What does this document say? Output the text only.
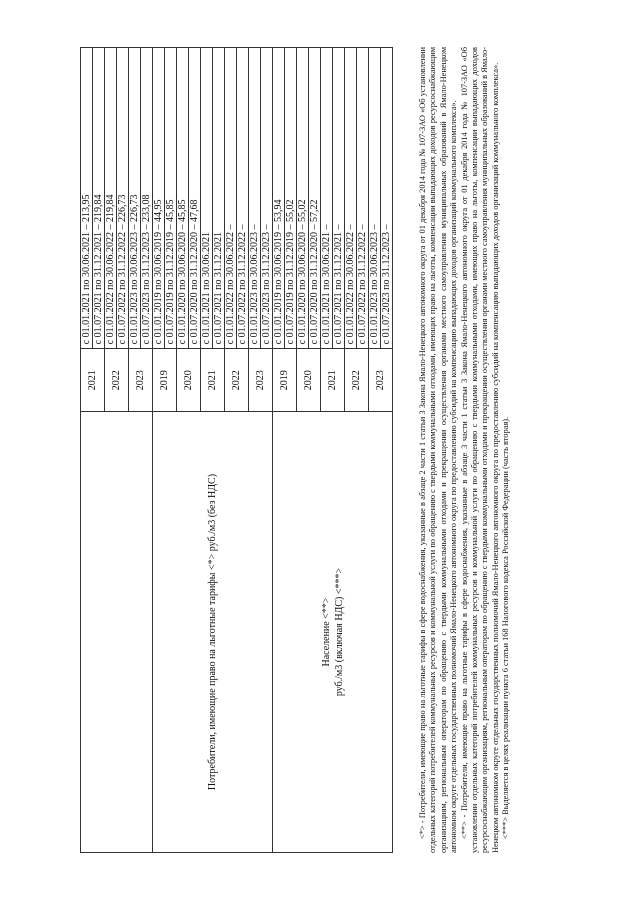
	2021	с 01.01.2021 по 30.06.2021 – 213,95
		с 01.07.2021 по 31.12.2021 – 219,84
	2022	с 01.01.2022 по 30.06.2022 – 219,84
		с 01.07.2022 по 31.12.2022 – 226,73
	2023	с 01.01.2023 по 30.06.2023 – 226,73
		с 01.07.2023 по 31.12.2023 – 233,08
Потребители, имеющие право на льготные тарифы <*> руб./м3 (без НДС)	2019	с 01.01.2019 по 30.06.2019 – 44,95
		с 01.07.2019 по 31.12.2019 – 45,85
	2020	с 01.01.2020 по 30.06.2020 – 45,85
		с 01.07.2020 по 31.12.2020 – 47,68
	2021	с 01.01.2021 по 30.06.2021
		с 01.07.2021 по 31.12.2021
	2022	с 01.01.2022 по 30.06.2022 –
		с 01.07.2022 по 31.12.2022 –
	2023	с 01.01.2023 по 30.06.2023 –
		с 01.07.2023 по 31.12.2023 –

Население <**> руб./м3 (включая НДС) <***>	2019	с 01.01.2019 по 30.06.2019 – 53,94
		с 01.07.2019 по 31.12.2019 – 55,02
	2020	с 01.01.2020 по 30.06.2020 – 55,02
		с 01.07.2020 по 31.12.2020 – 57,22
	2021	с 01.01.2021 по 30.06.2021 –
		с 01.07.2021 по 31.12.2021 –
	2022	с 01.01.2022 по 30.06.2022 –
		с 01.07.2022 по 31.12.2022 –
	2023	с 01.01.2023 по 30.06.2023 –
		с 01.07.2023 по 31.12.2023 –	<*> - Потребители, имеющие право на льготные тарифы в сфере водоснабжения, указанные в абзаце 2 части 1 статьи 3 Закона Ямало-Ненецкого автономного округа от 01 декабря 2014 года № 107-ЗАО «Об установлении отдельных категорий потребителей коммунальных ресурсов и коммунальной услуги по обращению с твердыми коммунальными отходами, имеющих право на льготы, компенсации выпадающих доходов ресурсоснабжающим организациям, региональным операторам по обращению с твердыми коммунальными отходами и прекращении осуществления органами местного самоуправления муниципальных образований в Ямало-Ненецком автономном округе отдельных государственных полномочий Ямало-Ненецкого автономного округа по предоставлению субсидий на компенсацию выпадающих доходов организаций коммунального комплекса». <**> - Потребители, имеющие право на льготные тарифы в сфере водоснабжения, указанные в абзаце 3 части 1 статьи 3 Закона Ямало-Ненецкого автономного округа от 01 декабря 2014 года № 107-ЗАО «Об установлении отдельных категорий потребителей коммунальных ресурсов и коммунальной услуги по обращению с твердыми коммунальными отходами, имеющих право на льготы, компенсации выпадающих доходов ресурсоснабжающим организациям, региональным операторам по обращению с твердыми коммунальными отходами и прекращении осуществления органами местного самоуправления муниципальных образований в Ямало-Ненецком автономном округе отдельных государственных полномочий Ямало-Ненецкого автономного округа по предоставлению субсидий на компенсацию выпадающих доходов организаций коммунального комплекса». <***> Выделяется в целях реализации пункта 6 статьи 168 Налогового кодекса Российской Федерации (часть вторая).
